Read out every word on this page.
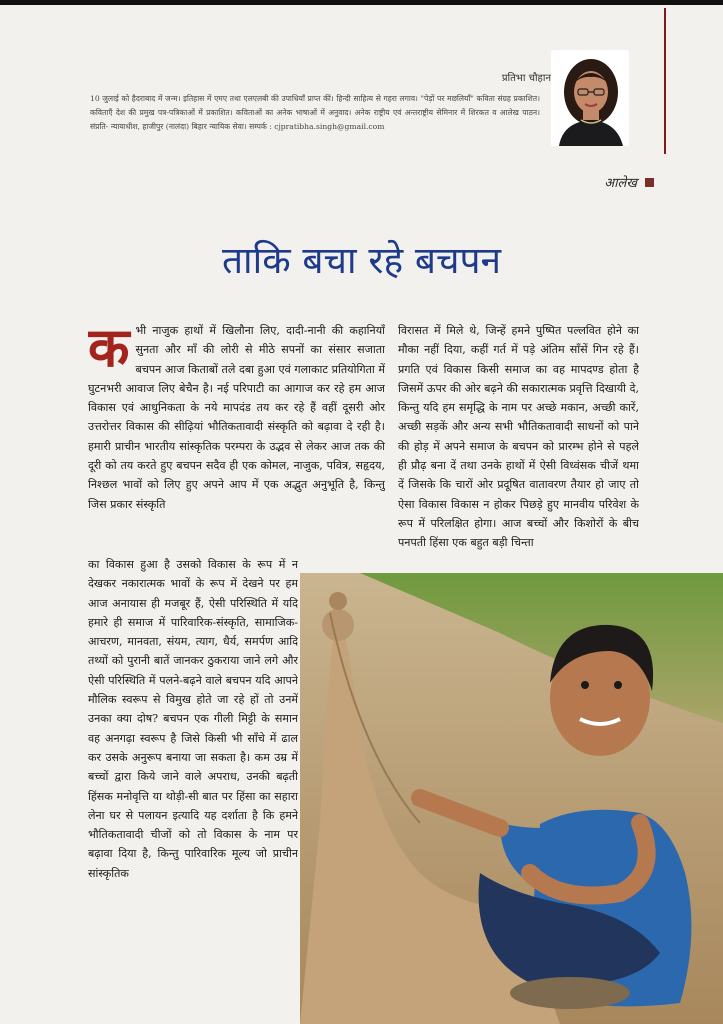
प्रतिभा चौहान
10 जुलाई को हैदराबाद में जन्म। इतिहास में एमए तथा एलएलबी की उपाधियाँ प्राप्त कीं। हिन्दी साहित्य से गहरा लगाव। "पेड़ों पर मछलियाँ" कविता संग्रह प्रकाशित। कविताएँ देश की प्रमुख पत्र-पत्रिकाओं में प्रकाशित। कविताओं का अनेक भाषाओं में अनुवाद। अनेक राष्ट्रीय एवं अन्तराष्ट्रीय सेमिनार में शिरकत व आलेख पाठन। संप्रति- न्यायाधीश, हाजीपुर (नालंदा) बिहार न्यायिक सेवा। सम्पर्क : cjpratibha.singh@gmail.com
आलेख
ताकि बचा रहे बचपन
कभी नाजुक हाथों में खिलौना लिए, दादी-नानी की कहानियाँ सुनता और माँ की लोरी से मीठे सपनों का संसार सजाता बचपन आज किताबों तले दबा हुआ एवं गलाकाट प्रतियोगिता में घुटनभरी आवाज लिए बेचैन है। नई परिपाटी का आगाज कर रहे हम आज विकास एवं आधुनिकता के नये मापदंड तय कर रहे हैं वहीं दूसरी ओर उत्तरोत्तर विकास की सीढ़ियां भौतिकतावादी संस्कृति को बढ़ावा दे रही है। हमारी प्राचीन भारतीय सांस्कृतिक परम्परा के उद्भव से लेकर आज तक की दूरी को तय करते हुए बचपन सदैव ही एक कोमल, नाजुक, पवित्र, सहृदय, निश्छल भावों को लिए हुए अपने आप में एक अद्भुत अनुभूति है, किन्तु जिस प्रकार संस्कृति
विरासत में मिले थे, जिन्हें हमने पुष्पित पल्लवित होने का मौका नहीं दिया, कहीं गर्त में पड़े अंतिम साँसें गिन रहे हैं। प्रगति एवं विकास किसी समाज का वह मापदण्ड होता है जिसमें ऊपर की ओर बढ़ने की सकारात्मक प्रवृत्ति दिखायी दे, किन्तु यदि हम समृद्धि के नाम पर अच्छे मकान, अच्छी कारें, अच्छी सड़कें और अन्य सभी भौतिकतावादी साधनों को पाने की होड़ में अपने समाज के बचपन को प्रारम्भ होने से पहले ही प्रौढ़ बना दें तथा उनके हाथों में ऐसी विध्वंसक चीजें थमा दें जिसके कि चारों ओर प्रदूषित वातावरण तैयार हो जाए तो ऐसा विकास विकास न होकर पिछड़े हुए मानवीय परिवेश के रूप में परिलक्षित होगा। आज बच्चों और किशोरों के बीच पनपती हिंसा एक बहुत बड़ी चिन्ता
का विकास हुआ है उसको विकास के रूप में न देखकर नकारात्मक भावों के रूप में देखने पर हम आज अनायास ही मजबूर हैं, ऐसी परिस्थिति में यदि हमारे ही समाज में पारिवारिक-संस्कृति, सामाजिक-आचरण, मानवता, संयम, त्याग, धैर्य, समर्पण आदि तथ्यों को पुरानी बातें जानकर ठुकराया जाने लगे और ऐसी परिस्थिति में पलने-बढ़ने वाले बचपन यदि आपने मौलिक स्वरूप से विमुख होते जा रहे हों तो उनमें उनका क्या दोष? बचपन एक गीली मिट्टी के समान वह अनगढ़ा स्वरूप है जिसे किसी भी साँचे में ढाल कर उसके अनुरूप बनाया जा सकता है। कम उम्र में बच्चों द्वारा किये जाने वाले अपराध, उनकी बढ़ती हिंसक मनोवृत्ति या थोड़ी-सी बात पर हिंसा का सहारा लेना घर से पलायन इत्यादि यह दर्शाता है कि हमने भौतिकतावादी चीजों को तो विकास के नाम पर बढ़ावा दिया है, किन्तु पारिवारिक मूल्य जो प्राचीन सांस्कृतिक
